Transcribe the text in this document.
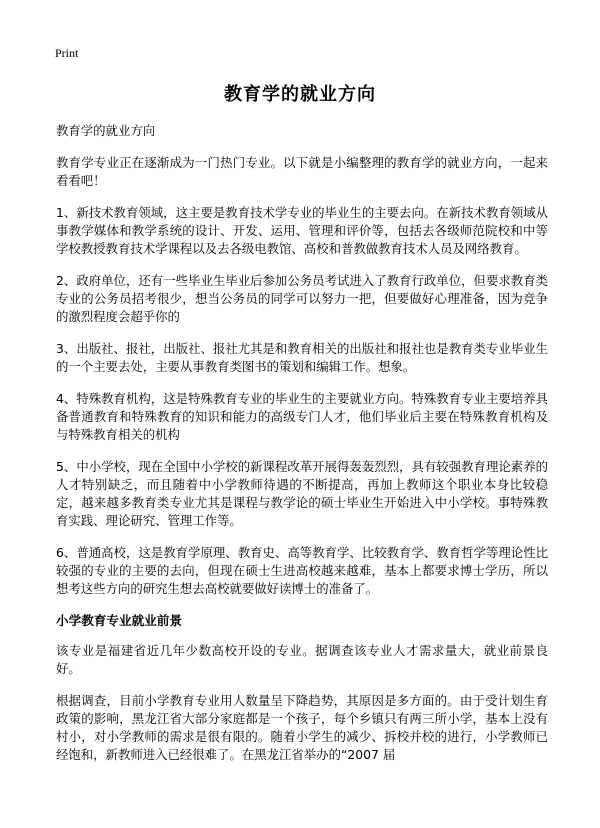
Print
教育学的就业方向

教育学的就业方向

教育学专业正在逐渐成为一门热门专业。以下就是小编整理的教育学的就业方向，一起来看看吧！

1、新技术教育领域，这主要是教育技术学专业的毕业生的主要去向。在新技术教育领域从事教学媒体和教学系统的设计、开发、运用、管理和评价等，包括去各级师范院校和中等学校教授教育技术学课程以及去各级电教馆、高校和普教做教育技术人员及网络教育。

2、政府单位，还有一些毕业生毕业后参加公务员考试进入了教育行政单位，但要求教育类专业的公务员招考很少，想当公务员的同学可以努力一把，但要做好心理准备，因为竞争的激烈程度会超乎你的

3、出版社、报社，出版社、报社尤其是和教育相关的出版社和报社也是教育类专业毕业生的一个主要去处，主要从事教育类图书的策划和编辑工作。想象。

4、特殊教育机构，这是特殊教育专业的毕业生的主要就业方向。特殊教育专业主要培养具备普通教育和特殊教育的知识和能力的高级专门人才，他们毕业后主要在特殊教育机构及与特殊教育相关的机构

5、中小学校，现在全国中小学校的新课程改革开展得轰轰烈烈，具有较强教育理论素养的人才特别缺乏，而且随着中小学教师待遇的不断提高，再加上教师这个职业本身比较稳定，越来越多教育类专业尤其是课程与教学论的硕士毕业生开始进入中小学校。事特殊教育实践、理论研究、管理工作等。

6、普通高校，这是教育学原理、教育史、高等教育学、比较教育学、教育哲学等理论性比较强的专业的主要的去向，但现在硕士生进高校越来越难，基本上都要求博士学历，所以想考这些方向的研究生想去高校就要做好读博士的准备了。

小学教育专业就业前景

该专业是福建省近几年少数高校开设的专业。据调查该专业人才需求量大，就业前景良好。

根据调查，目前小学教育专业用人数量呈下降趋势，其原因是多方面的。由于受计划生育政策的影响，黑龙江省大部分家庭都是一个孩子，每个乡镇只有两三所小学，基本上没有村小，对小学教师的需求是很有限的。随着小学生的减少、拆校并校的进行，小学教师已经饱和，新教师进入已经很难了。在黑龙江省举办的“2007 届
